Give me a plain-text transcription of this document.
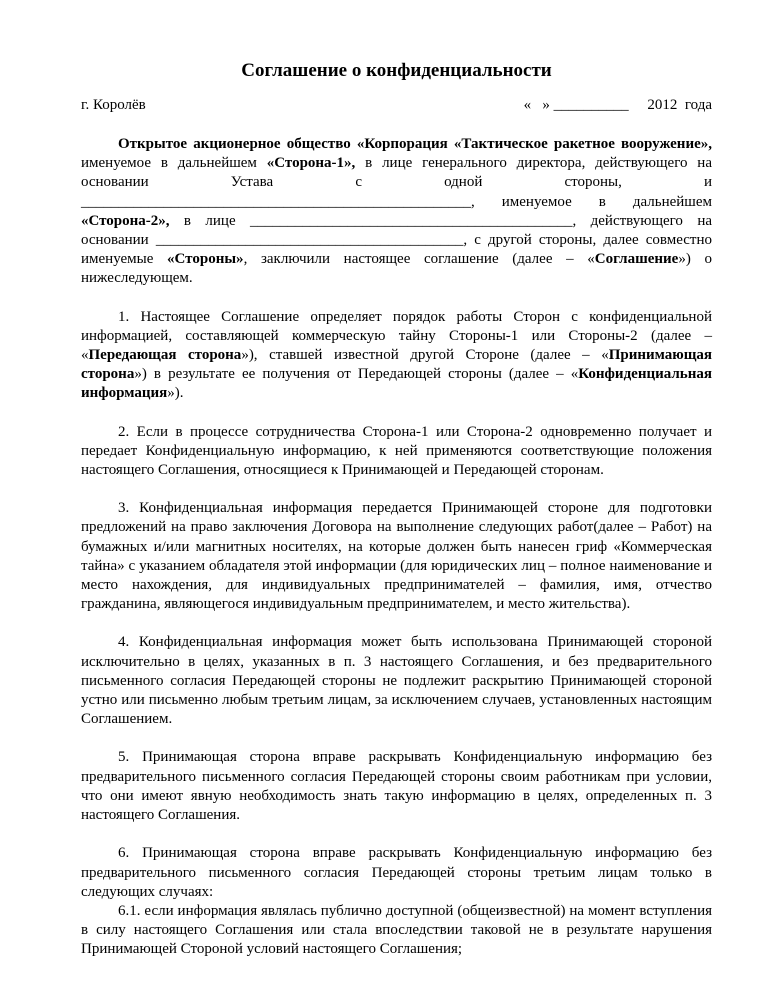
Соглашение о конфиденциальности
г. Королёв	« » __________ 2012 года

Открытое акционерное общество «Корпорация «Тактическое ракетное вооружение», именуемое в дальнейшем «Сторона-1», в лице генерального директора, действующего на основании Устава с одной стороны, и ____________________________________________________, именуемое в дальнейшем «Сторона-2», в лице ___________________________________________, действующего на основании _________________________________________, с другой стороны, далее совместно именуемые «Стороны», заключили настоящее соглашение (далее – «Соглашение») о нижеследующем.

1. Настоящее Соглашение определяет порядок работы Сторон с конфиденциальной информацией, составляющей коммерческую тайну Стороны-1 или Стороны-2 (далее – «Передающая сторона»), ставшей известной другой Стороне (далее – «Принимающая сторона») в результате ее получения от Передающей стороны (далее – «Конфиденциальная информация»).

2. Если в процессе сотрудничества Сторона-1 или Сторона-2 одновременно получает и передает Конфиденциальную информацию, к ней применяются соответствующие положения настоящего Соглашения, относящиеся к Принимающей и Передающей сторонам.

3. Конфиденциальная информация передается Принимающей стороне для подготовки предложений на право заключения Договора на выполнение следующих работ(далее – Работ) на бумажных и/или магнитных носителях, на которые должен быть нанесен гриф «Коммерческая тайна» с указанием обладателя этой информации (для юридических лиц – полное наименование и место нахождения, для индивидуальных предпринимателей – фамилия, имя, отчество гражданина, являющегося индивидуальным предпринимателем, и место жительства).

4. Конфиденциальная информация может быть использована Принимающей стороной исключительно в целях, указанных в п. 3 настоящего Соглашения, и без предварительного письменного согласия Передающей стороны не подлежит раскрытию Принимающей стороной устно или письменно любым третьим лицам, за исключением случаев, установленных настоящим Соглашением.

5. Принимающая сторона вправе раскрывать Конфиденциальную информацию без предварительного письменного согласия Передающей стороны своим работникам при условии, что они имеют явную необходимость знать такую информацию в целях, определенных п. 3 настоящего Соглашения.

6. Принимающая сторона вправе раскрывать Конфиденциальную информацию без предварительного письменного согласия Передающей стороны третьим лицам только в следующих случаях:

6.1. если информация являлась публично доступной (общеизвестной) на момент вступления в силу настоящего Соглашения или стала впоследствии таковой не в результате нарушения Принимающей Стороной условий настоящего Соглашения;
